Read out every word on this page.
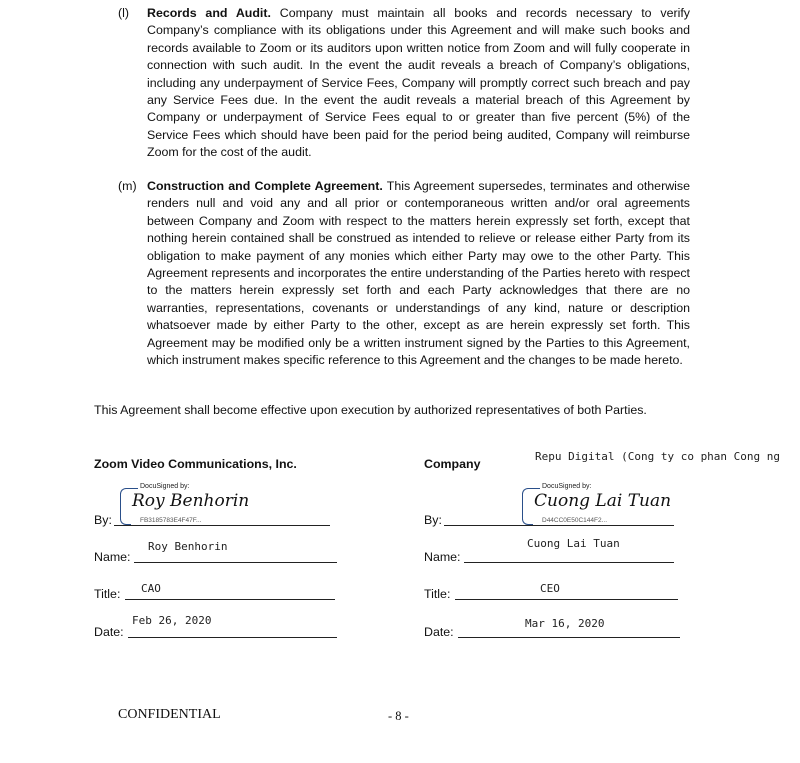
(l) Records and Audit. Company must maintain all books and records necessary to verify Company’s compliance with its obligations under this Agreement and will make such books and records available to Zoom or its auditors upon written notice from Zoom and will fully cooperate in connection with such audit. In the event the audit reveals a breach of Company’s obligations, including any underpayment of Service Fees, Company will promptly correct such breach and pay any Service Fees due. In the event the audit reveals a material breach of this Agreement by Company or underpayment of Service Fees equal to or greater than five percent (5%) of the Service Fees which should have been paid for the period being audited, Company will reimburse Zoom for the cost of the audit.
(m) Construction and Complete Agreement. This Agreement supersedes, terminates and otherwise renders null and void any and all prior or contemporaneous written and/or oral agreements between Company and Zoom with respect to the matters herein expressly set forth, except that nothing herein contained shall be construed as intended to relieve or release either Party from its obligation to make payment of any monies which either Party may owe to the other Party. This Agreement represents and incorporates the entire understanding of the Parties hereto with respect to the matters herein expressly set forth and each Party acknowledges that there are no warranties, representations, covenants or understandings of any kind, nature or description whatsoever made by either Party to the other, except as are herein expressly set forth. This Agreement may be modified only be a written instrument signed by the Parties to this Agreement, which instrument makes specific reference to this Agreement and the changes to be made hereto.
This Agreement shall become effective upon execution by authorized representatives of both Parties.
Zoom Video Communications, Inc.
By:
DocuSigned by:
Roy Benhorin
FB3185783E4F47F...
Roy Benhorin
Name:
CAO
Title:
Feb 26, 2020
Date:
Company
Repu Digital (Cong ty co phan Cong ng
By:
DocuSigned by:
Cuong Lai Tuan
D44CC0E50C144F2...
Cuong Lai Tuan
Name:
CEO
Title:
Mar 16, 2020
Date:
CONFIDENTIAL	- 8 -
